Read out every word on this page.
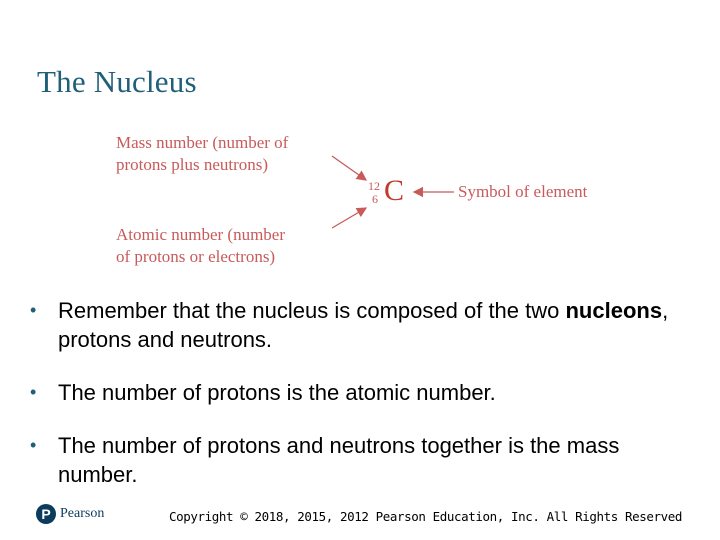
The Nucleus
Mass number (number of
protons plus neutrons)
Atomic number (number
of protons or electrons)
Symbol of element
12
6 C
• Remember that the nucleus is composed of the two nucleons, protons and neutrons.
• The number of protons is the atomic number.
• The number of protons and neutrons together is the mass number.
P Pearson	Copyright © 2018, 2015, 2012 Pearson Education, Inc. All Rights Reserved
